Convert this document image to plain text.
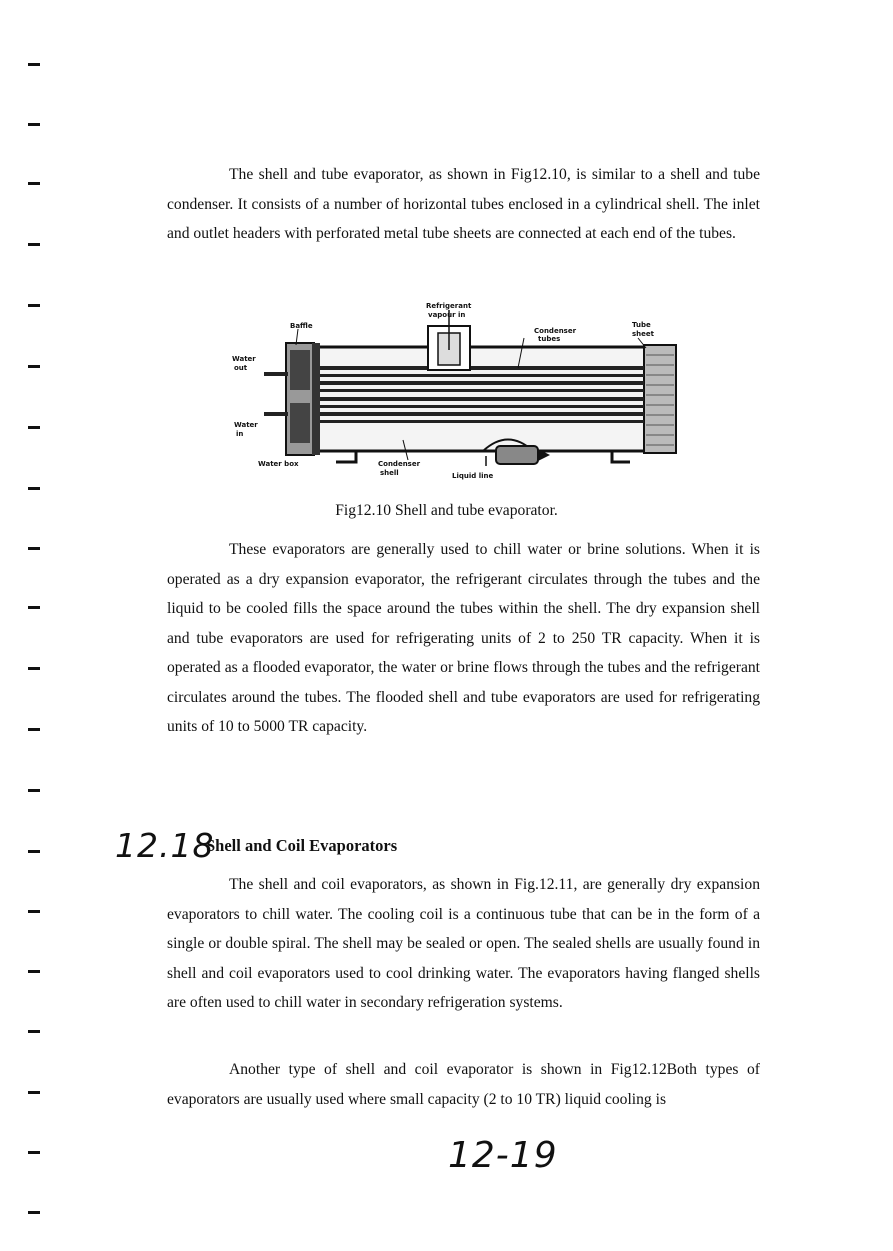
The shell and tube evaporator, as shown in Fig12.10, is similar to a shell and tube condenser. It consists of a number of horizontal tubes enclosed in a cylindrical shell. The inlet and outlet headers with perforated metal tube sheets are connected at each end of the tubes.

Baffle
Refrigerant
vapour in
Condenser
tubes
Tube
sheet
Water
out
Water
in
Water box	Condenser
shell	Liquid line
Fig12.10 Shell and tube evaporator.

These evaporators are generally used to chill water or brine solutions. When it is operated as a dry expansion evaporator, the refrigerant circulates through the tubes and the liquid to be cooled fills the space around the tubes within the shell. The dry expansion shell and tube evaporators are used for refrigerating units of 2 to 250 TR capacity. When it is operated as a flooded evaporator, the water or brine flows through the tubes and the refrigerant circulates around the tubes. The flooded shell and tube evaporators are used for refrigerating units of 10 to 5000 TR capacity.

12.18
Shell and Coil Evaporators

The shell and coil evaporators, as shown in Fig.12.11, are generally dry expansion evaporators to chill water. The cooling coil is a continuous tube that can be in the form of a single or double spiral. The shell may be sealed or open. The sealed shells are usually found in shell and coil evaporators used to cool drinking water. The evaporators having flanged shells are often used to chill water in secondary refrigeration systems.

Another type of shell and coil evaporator is shown in Fig12.12Both types of evaporators are usually used where small capacity (2 to 10 TR) liquid cooling is

12-19
